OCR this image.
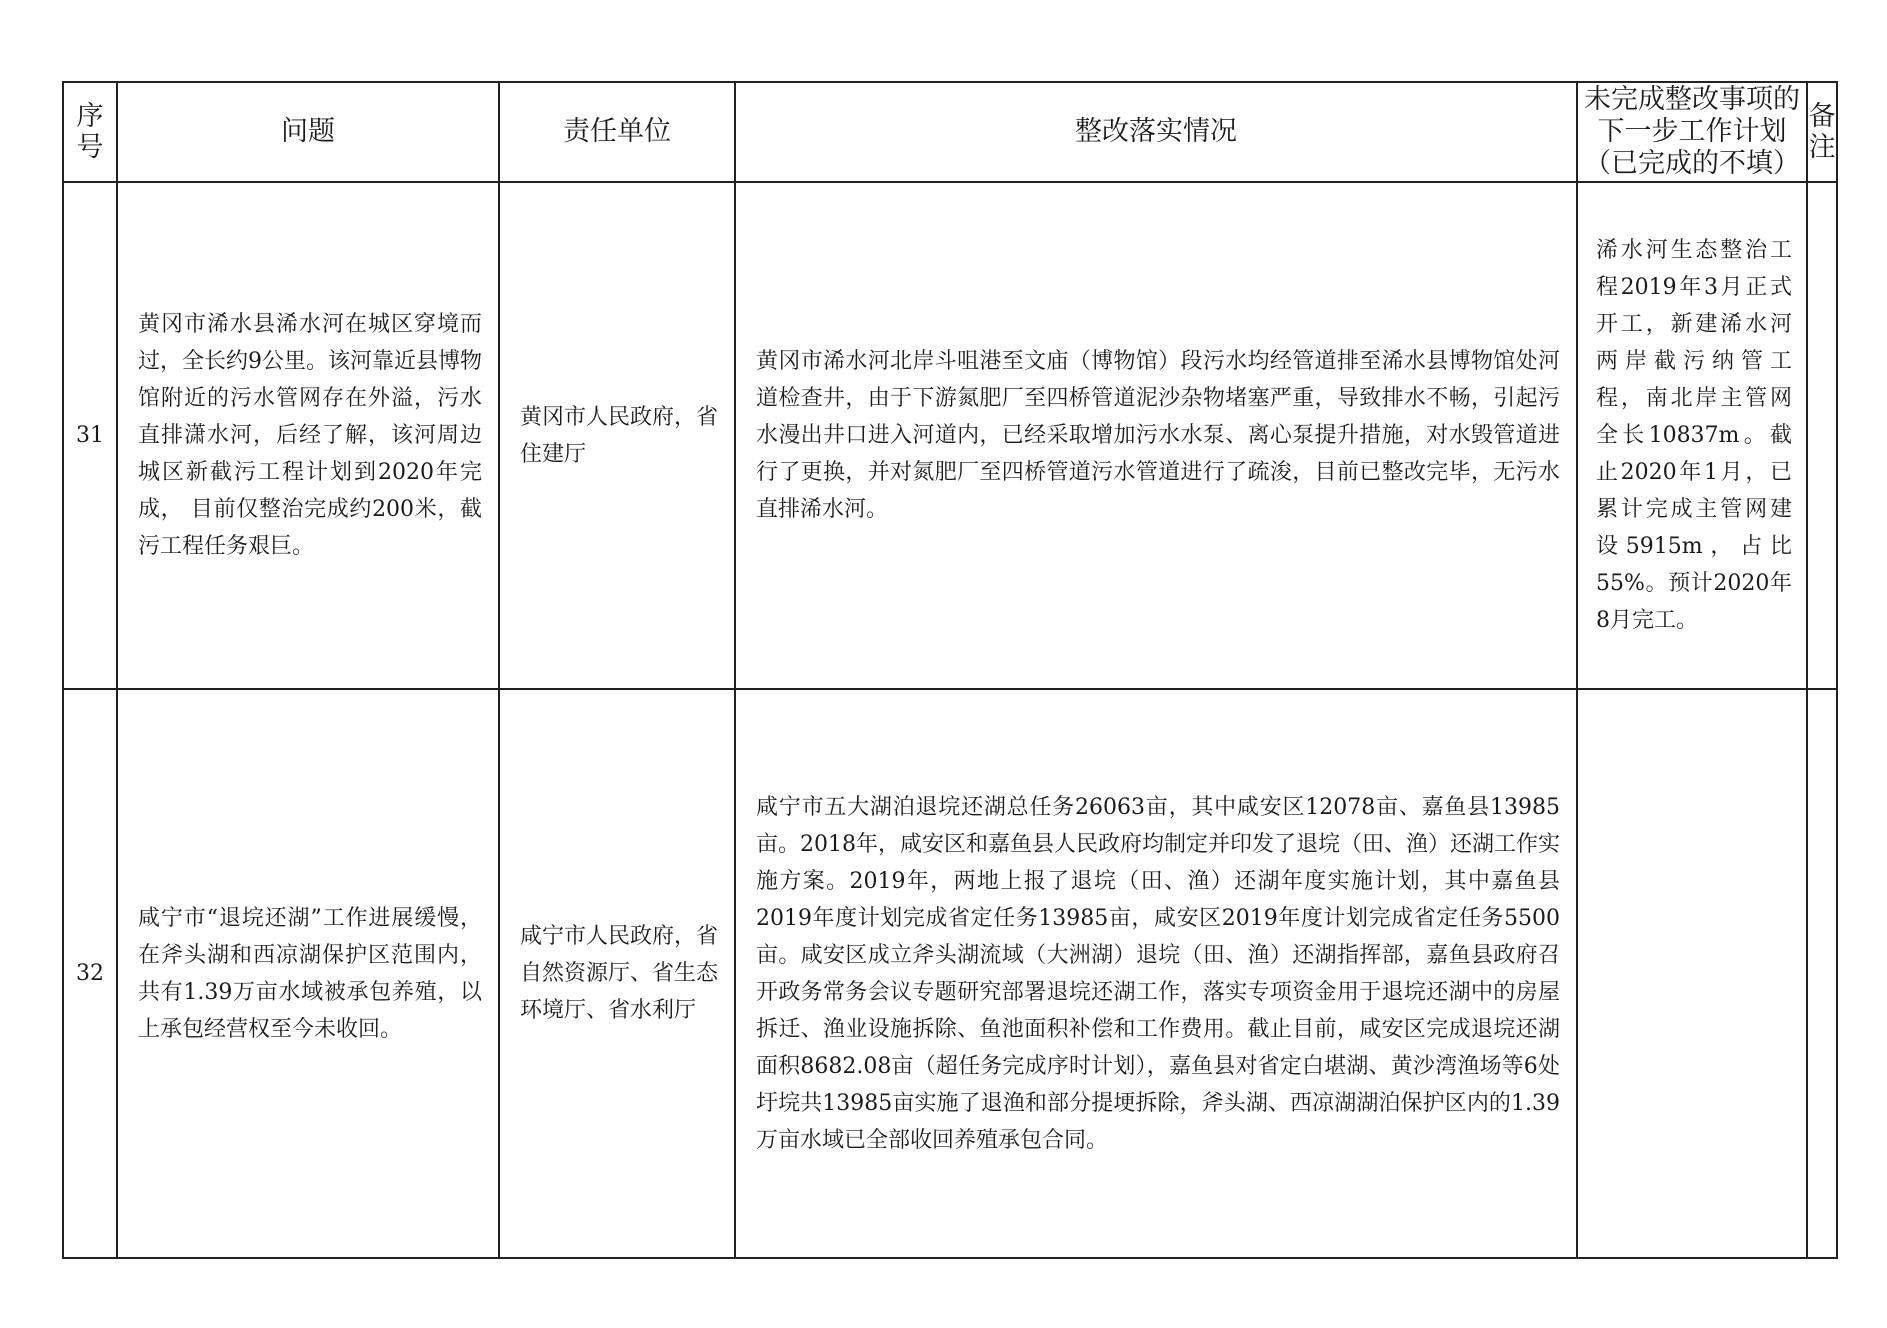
序号	问题	责任单位	整改落实情况	未完成整改事项的
下一步工作计划
（已完成的不填）	备注
31	黄冈市浠水县浠水河在城区穿境而过，全长约9公里。该河靠近县博物馆附近的污水管网存在外溢，污水直排潇水河，后经了解，该河周边城区新截污工程计划到2020年完成， 目前仅整治完成约200米，截污工程任务艰巨。	黄冈市人民政府，省住建厅	黄冈市浠水河北岸斗咀港至文庙（博物馆）段污水均经管道排至浠水县博物馆处河道检查井，由于下游氮肥厂至四桥管道泥沙杂物堵塞严重，导致排水不畅，引起污水漫出井口进入河道内，已经采取增加污水水泵、离心泵提升措施，对水毁管道进行了更换，并对氮肥厂至四桥管道污水管道进行了疏浚，目前已整改完毕，无污水直排浠水河。	浠水河生态整治工程2019年3月正式开工，新建浠水河两岸截污纳管工程，南北岸主管网全长10837m。截止2020年1月，已累计完成主管网建设5915m，占比55%。预计2020年8月完工。	

32	咸宁市“退垸还湖”工作进展缓慢，在斧头湖和西凉湖保护区范围内，共有1.39万亩水域被承包养殖，以上承包经营权至今未收回。	咸宁市人民政府，省自然资源厅、省生态环境厅、省水利厅	咸宁市五大湖泊退垸还湖总任务26063亩，其中咸安区12078亩、嘉鱼县13985亩。2018年，咸安区和嘉鱼县人民政府均制定并印发了退垸（田、渔）还湖工作实施方案。2019年，两地上报了退垸（田、渔）还湖年度实施计划，其中嘉鱼县2019年度计划完成省定任务13985亩，咸安区2019年度计划完成省定任务5500亩。咸安区成立斧头湖流域（大洲湖）退垸（田、渔）还湖指挥部，嘉鱼县政府召开政务常务会议专题研究部署退垸还湖工作，落实专项资金用于退垸还湖中的房屋拆迁、渔业设施拆除、鱼池面积补偿和工作费用。截止目前，咸安区完成退垸还湖面积8682.08亩（超任务完成序时计划），嘉鱼县对省定白堪湖、黄沙湾渔场等6处圩垸共13985亩实施了退渔和部分提埂拆除，斧头湖、西凉湖湖泊保护区内的1.39万亩水域已全部收回养殖承包合同。		
